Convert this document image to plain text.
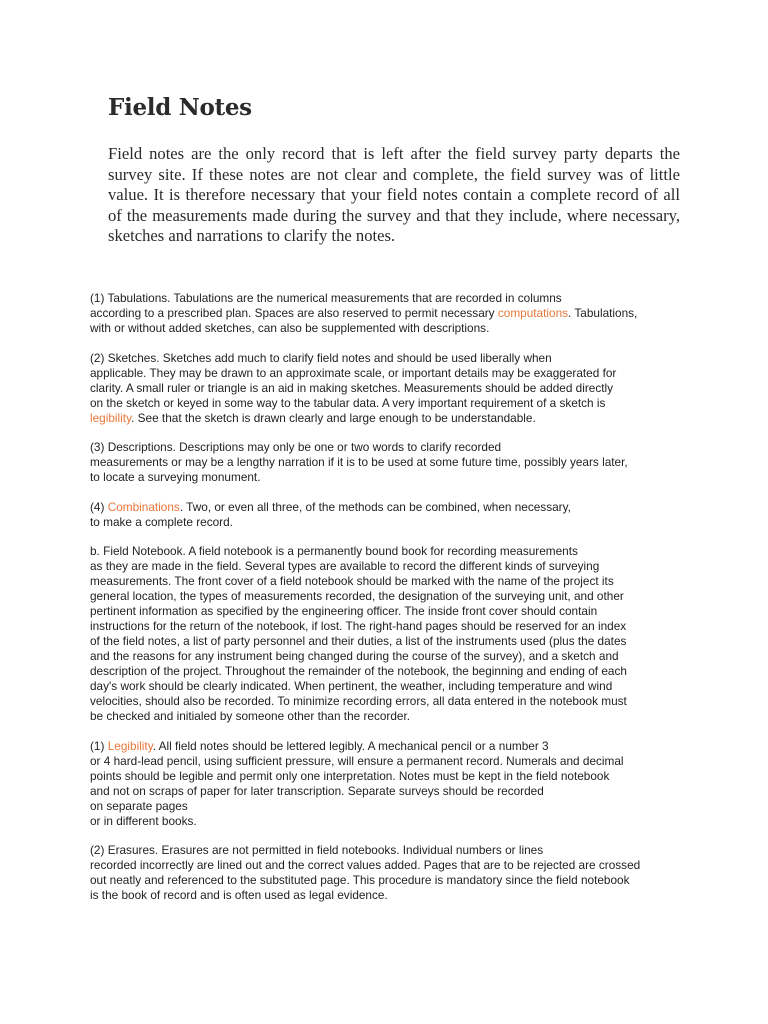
Field Notes

Field notes are the only record that is left after the field survey party departs the survey site. If these notes are not clear and complete, the field survey was of little value. It is therefore necessary that your field notes contain a complete record of all of the measurements made during the survey and that they include, where necessary, sketches and narrations to clarify the notes.

(1) Tabulations. Tabulations are the numerical measurements that are recorded in columns
according to a prescribed plan. Spaces are also reserved to permit necessary computations. Tabulations,
with or without added sketches, can also be supplemented with descriptions.

(2) Sketches. Sketches add much to clarify field notes and should be used liberally when
applicable. They may be drawn to an approximate scale, or important details may be exaggerated for
clarity. A small ruler or triangle is an aid in making sketches. Measurements should be added directly
on the sketch or keyed in some way to the tabular data. A very important requirement of a sketch is
legibility. See that the sketch is drawn clearly and large enough to be understandable.

(3) Descriptions. Descriptions may only be one or two words to clarify recorded
measurements or may be a lengthy narration if it is to be used at some future time, possibly years later,
to locate a surveying monument.

(4) Combinations. Two, or even all three, of the methods can be combined, when necessary,
to make a complete record.

b. Field Notebook. A field notebook is a permanently bound book for recording measurements
as they are made in the field. Several types are available to record the different kinds of surveying
measurements. The front cover of a field notebook should be marked with the name of the project its
general location, the types of measurements recorded, the designation of the surveying unit, and other
pertinent information as specified by the engineering officer. The inside front cover should contain
instructions for the return of the notebook, if lost. The right-hand pages should be reserved for an index
of the field notes, a list of party personnel and their duties, a list of the instruments used (plus the dates
and the reasons for any instrument being changed during the course of the survey), and a sketch and
description of the project. Throughout the remainder of the notebook, the beginning and ending of each
day's work should be clearly indicated. When pertinent, the weather, including temperature and wind
velocities, should also be recorded. To minimize recording errors, all data entered in the notebook must
be checked and initialed by someone other than the recorder.

(1) Legibility. All field notes should be lettered legibly. A mechanical pencil or a number 3
or 4 hard-lead pencil, using sufficient pressure, will ensure a permanent record. Numerals and decimal
points should be legible and permit only one interpretation. Notes must be kept in the field notebook
and not on scraps of paper for later transcription. Separate surveys should be recorded
on separate pages
or in different books.

(2) Erasures. Erasures are not permitted in field notebooks. Individual numbers or lines
recorded incorrectly are lined out and the correct values added. Pages that are to be rejected are crossed
out neatly and referenced to the substituted page. This procedure is mandatory since the field notebook
is the book of record and is often used as legal evidence.
